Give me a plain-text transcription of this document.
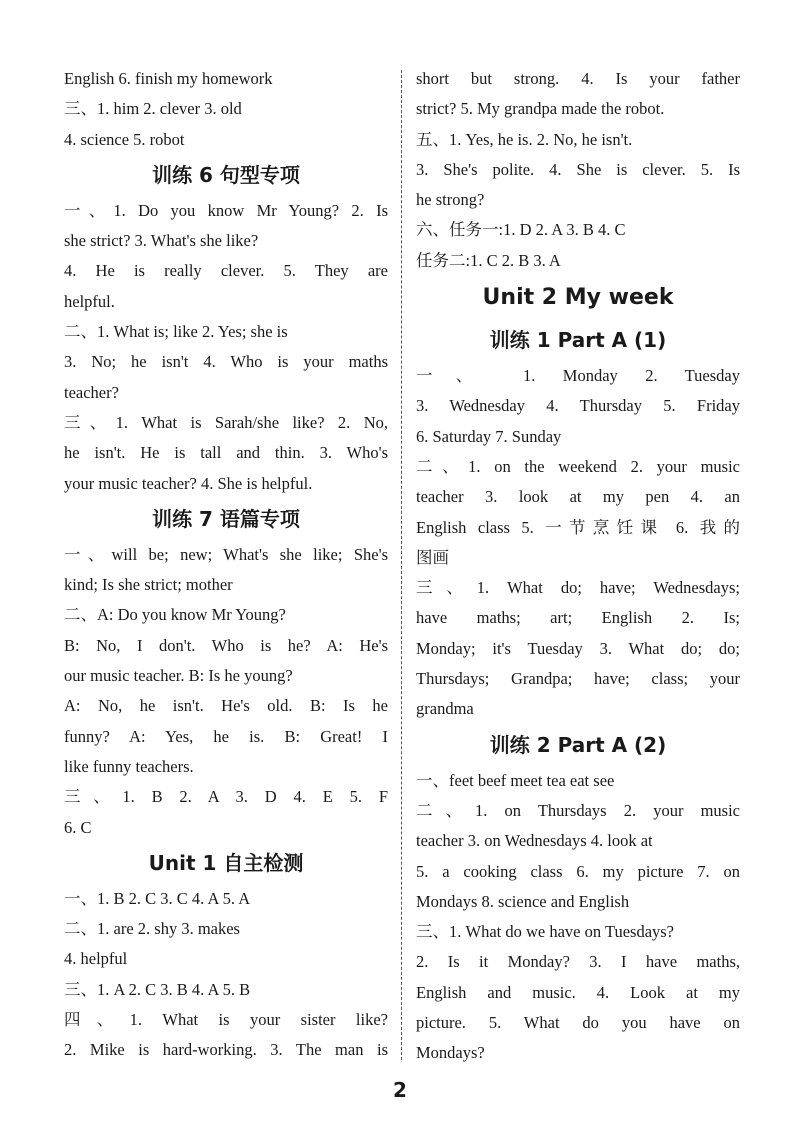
English 6. finish my homework
三、1. him 2. clever 3. old
4. science 5. robot
训练 6 句型专项
一、1. Do you know Mr Young? 2. Is
she strict? 3. What's she like?
4. He is really clever. 5. They are
helpful.
二、1. What is; like 2. Yes; she is
3. No; he isn't 4. Who is your maths
teacher?
三、1. What is Sarah/she like? 2. No,
he isn't. He is tall and thin. 3. Who's
your music teacher? 4. She is helpful.
训练 7 语篇专项
一、will be; new; What's she like; She's
kind; Is she strict; mother
二、A: Do you know Mr Young?
B: No, I don't. Who is he? A: He's
our music teacher. B: Is he young?
A: No, he isn't. He's old. B: Is he
funny? A: Yes, he is. B: Great! I
like funny teachers.
三、1. B 2. A 3. D 4. E 5. F
6. C
Unit 1 自主检测
一、1. B 2. C 3. C 4. A 5. A
二、1. are 2. shy 3. makes
4. helpful
三、1. A 2. C 3. B 4. A 5. B
四、1. What is your sister like?
2. Mike is hard-working. 3. The man is
short but strong. 4. Is your father
strict? 5. My grandpa made the robot.
五、1. Yes, he is. 2. No, he isn't.
3. She's polite. 4. She is clever. 5. Is
he strong?
六、任务一:1. D 2. A 3. B 4. C
任务二:1. C 2. B 3. A
Unit 2 My week
训练 1 Part A (1)
一、 1. Monday 2. Tuesday
3. Wednesday 4. Thursday 5. Friday
6. Saturday 7. Sunday
二、1. on the weekend 2. your music
teacher 3. look at my pen 4. an
English class 5. 一节烹饪课 6. 我的
图画
三、1. What do; have; Wednesdays;
have maths; art; English 2. Is;
Monday; it's Tuesday 3. What do; do;
Thursdays; Grandpa; have; class; your
grandma
训练 2 Part A (2)
一、feet beef meet tea eat see
二、1. on Thursdays 2. your music
teacher 3. on Wednesdays 4. look at
5. a cooking class 6. my picture 7. on
Mondays 8. science and English
三、1. What do we have on Tuesdays?
2. Is it Monday? 3. I have maths,
English and music. 4. Look at my
picture. 5. What do you have on
Mondays?
2
